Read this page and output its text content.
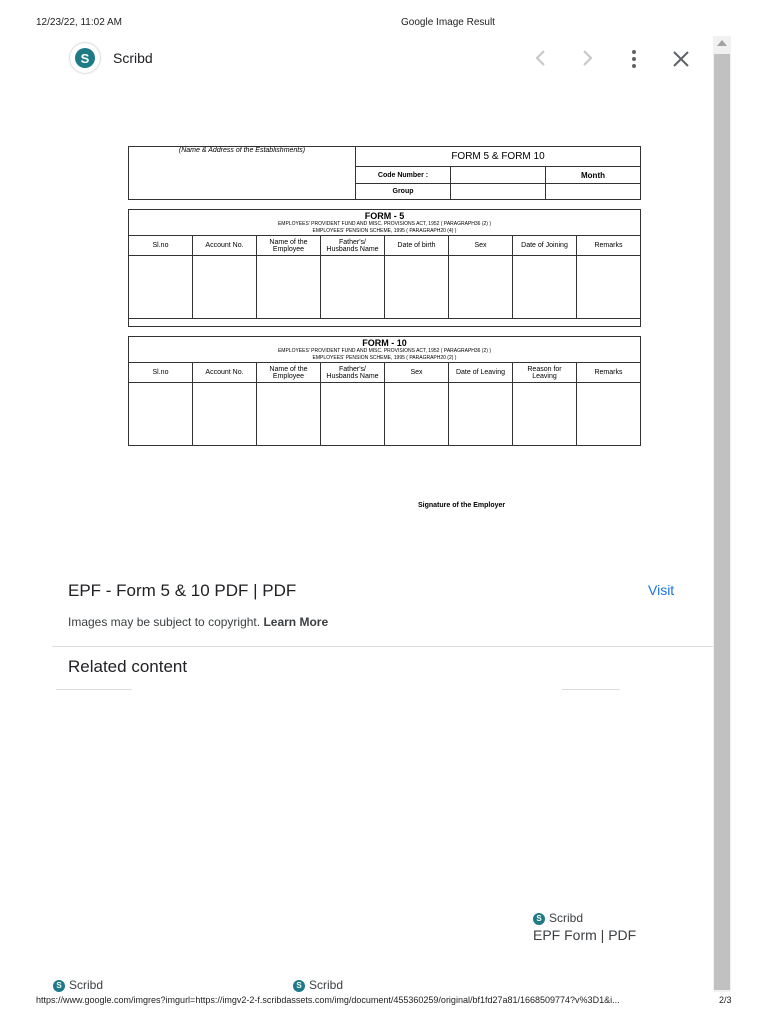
12/23/22, 11:02 AM	Google Image Result
S	Scribd
(Name & Address of the Establishments)	FORM 5 & FORM 10		
	Code Number :		Month
	Group		
FORM - 5
EMPLOYEES' PROVIDENT FUND AND MISC. PROVISIONS ACT, 1952 ( PARAGRAPH36 (2) )
EMPLOYEES' PENSION SCHEME, 1995 ( PARAGRAPH20 (4) )							

Sl.no	Account No.	Name of the Employee	Father's/ Husbands Name	Date of birth	Sex	Date of Joining	Remarks

FORM - 10
EMPLOYEES' PROVIDENT FUND AND MISC. PROVISIONS ACT, 1952 ( PARAGRAPH36 (2) )
EMPLOYEES' PENSION SCHEME, 1995 ( PARAGRAPH20 (2) )							

Sl.no	Account No.	Name of the Employee	Father's/ Husbands Name	Sex	Date of Leaving	Reason for Leaving	Remarks

Signature of the Employer
EPF - Form 5 & 10 PDF | PDF	Visit
Images may be subject to copyright. Learn More
Related content
S Scribd
EPF Form | PDF
S Scribd	S Scribd
https://www.google.com/imgres?imgurl=https://imgv2-2-f.scribdassets.com/img/document/455360259/original/bf1fd27a81/1668509774?v%3D1&i...	2/3
